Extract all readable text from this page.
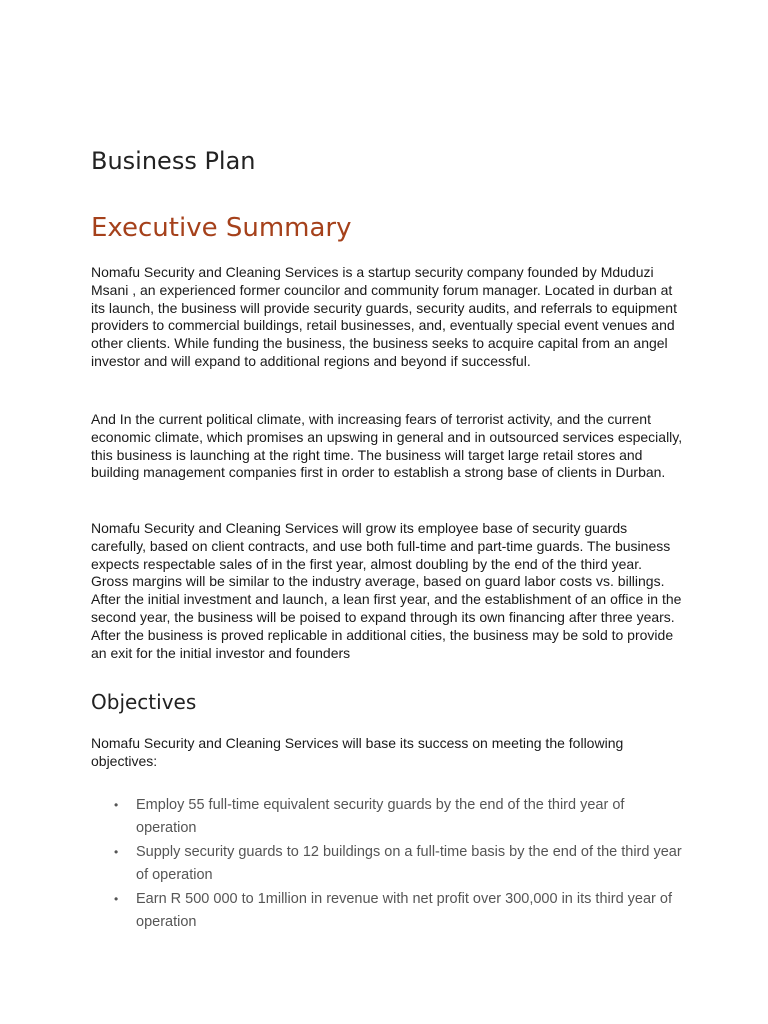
Business Plan
Executive Summary

Nomafu Security and Cleaning Services is a startup security company founded by Mduduzi Msani , an experienced former councilor and community forum manager. Located in durban at its launch, the business will provide security guards, security audits, and referrals to equipment providers to commercial buildings, retail businesses, and, eventually special event venues and other clients. While funding the business, the business seeks to acquire capital from an angel investor and will expand to additional regions and beyond if successful.

And In the current political climate, with increasing fears of terrorist activity, and the current economic climate, which promises an upswing in general and in outsourced services especially, this business is launching at the right time. The business will target large retail stores and building management companies first in order to establish a strong base of clients in Durban.

Nomafu Security and Cleaning Services will grow its employee base of security guards carefully, based on client contracts, and use both full-time and part-time guards. The business expects respectable sales of in the first year, almost doubling by the end of the third year. Gross margins will be similar to the industry average, based on guard labor costs vs. billings. After the initial investment and launch, a lean first year, and the establishment of an office in the second year, the business will be poised to expand through its own financing after three years. After the business is proved replicable in additional cities, the business may be sold to provide an exit for the initial investor and founders

Objectives

Nomafu Security and Cleaning Services will base its success on meeting the following objectives:

• Employ 55 full-time equivalent security guards by the end of the third year of operation
• Supply security guards to 12 buildings on a full-time basis by the end of the third year of operation
• Earn R 500 000 to 1million in revenue with net profit over 300,000 in its third year of operation
